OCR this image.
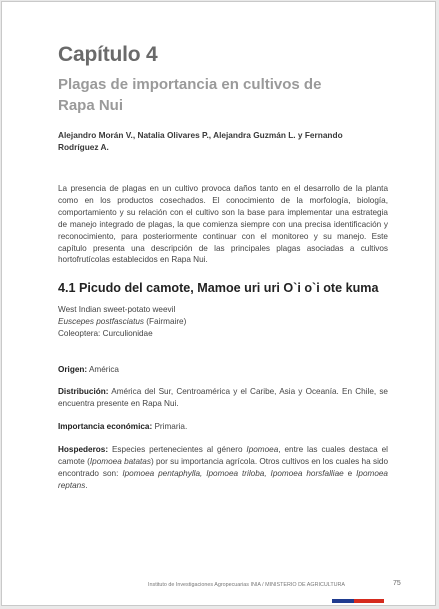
Capítulo 4
Plagas de importancia en cultivos de Rapa Nui

Alejandro Morán V., Natalia Olivares P., Alejandra Guzmán L. y Fernando Rodríguez A.

La presencia de plagas en un cultivo provoca daños tanto en el desarrollo de la planta como en los productos cosechados. El conocimiento de la morfología, biología, comportamiento y su relación con el cultivo son la base para implementar una estrategia de manejo integrado de plagas, la que comienza siempre con una precisa identificación y reconocimiento, para posteriormente continuar con el monitoreo y su manejo. Este capítulo presenta una descripción de las principales plagas asociadas a cultivos hortofrutícolas establecidos en Rapa Nui.

4.1 Picudo del camote, Mamoe uri uri O`i o`i ote kuma
West Indian sweet-potato weevil
Euscepes postfasciatus (Fairmaire)
Coleoptera: Curculionidae

Origen: América

Distribución: América del Sur, Centroamérica y el Caribe, Asia y Oceanía. En Chile, se encuentra presente en Rapa Nui.

Importancia económica: Primaria.

Hospederos: Especies pertenecientes al género Ipomoea, entre las cuales destaca el camote (Ipomoea batatas) por su importancia agrícola. Otros cultivos en los cuales ha sido encontrado son: Ipomoea pentaphylla, Ipomoea triloba, Ipomoea horsfalliae e Ipomoea reptans.

Instituto de Investigaciones Agropecuarias INIA / MINISTERIO DE AGRICULTURA	75
